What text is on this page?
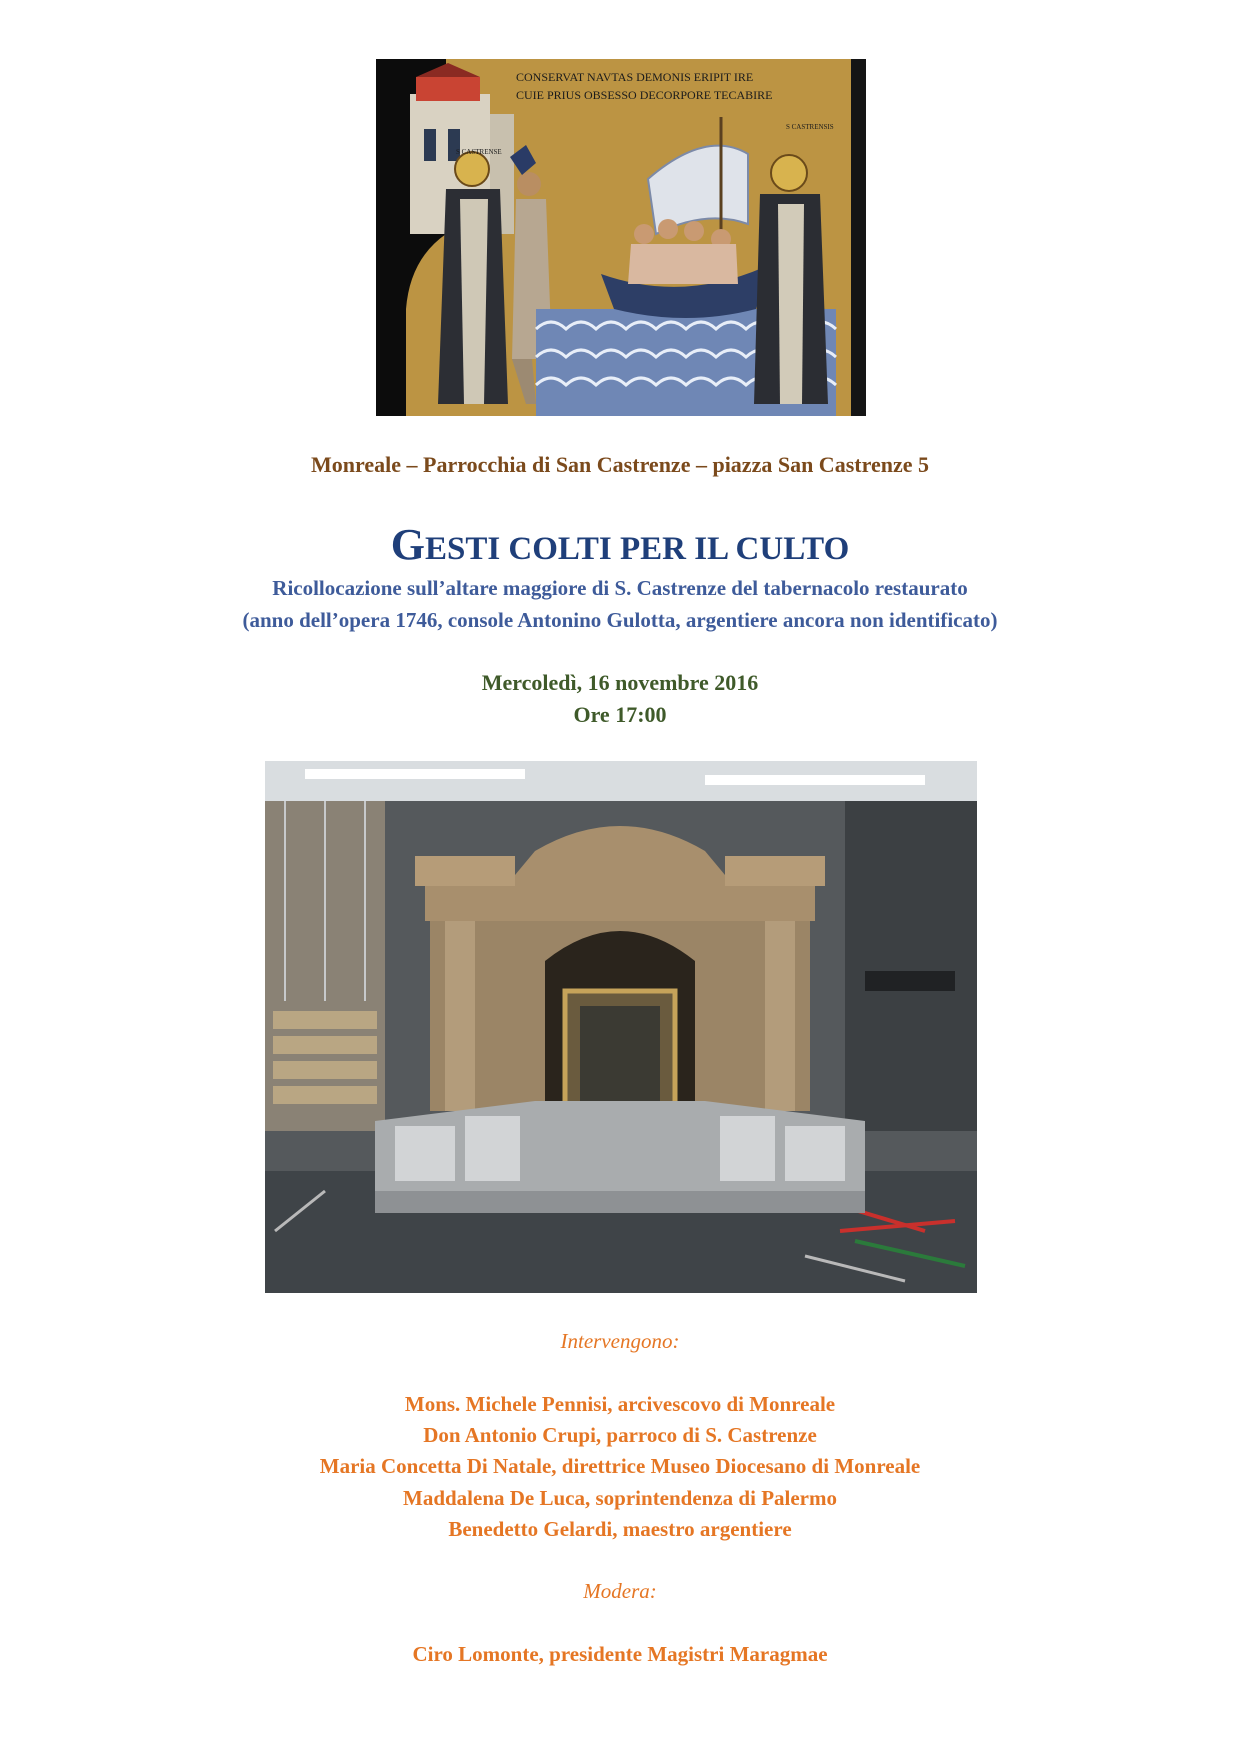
CONSERVAT NAVTAS DEMONIS ERIPIT IRE
CUIE PRIUS OBSESSO DECORPORE TECABIRE
S CASTRENSE
S CASTRENSIS
Monreale – Parrocchia di San Castrenze – piazza San Castrenze 5
GESTI COLTI PER IL CULTO
Ricollocazione sull’altare maggiore di S. Castrenze del tabernacolo restaurato
(anno dell’opera 1746, console Antonino Gulotta, argentiere ancora non identificato)
Mercoledì, 16 novembre 2016
Ore 17:00
Intervengono:
Mons. Michele Pennisi, arcivescovo di Monreale
Don Antonio Crupi, parroco di S. Castrenze
Maria Concetta Di Natale, direttrice Museo Diocesano di Monreale
Maddalena De Luca, soprintendenza di Palermo
Benedetto Gelardi, maestro argentiere
Modera:
Ciro Lomonte, presidente Magistri Maragmae
